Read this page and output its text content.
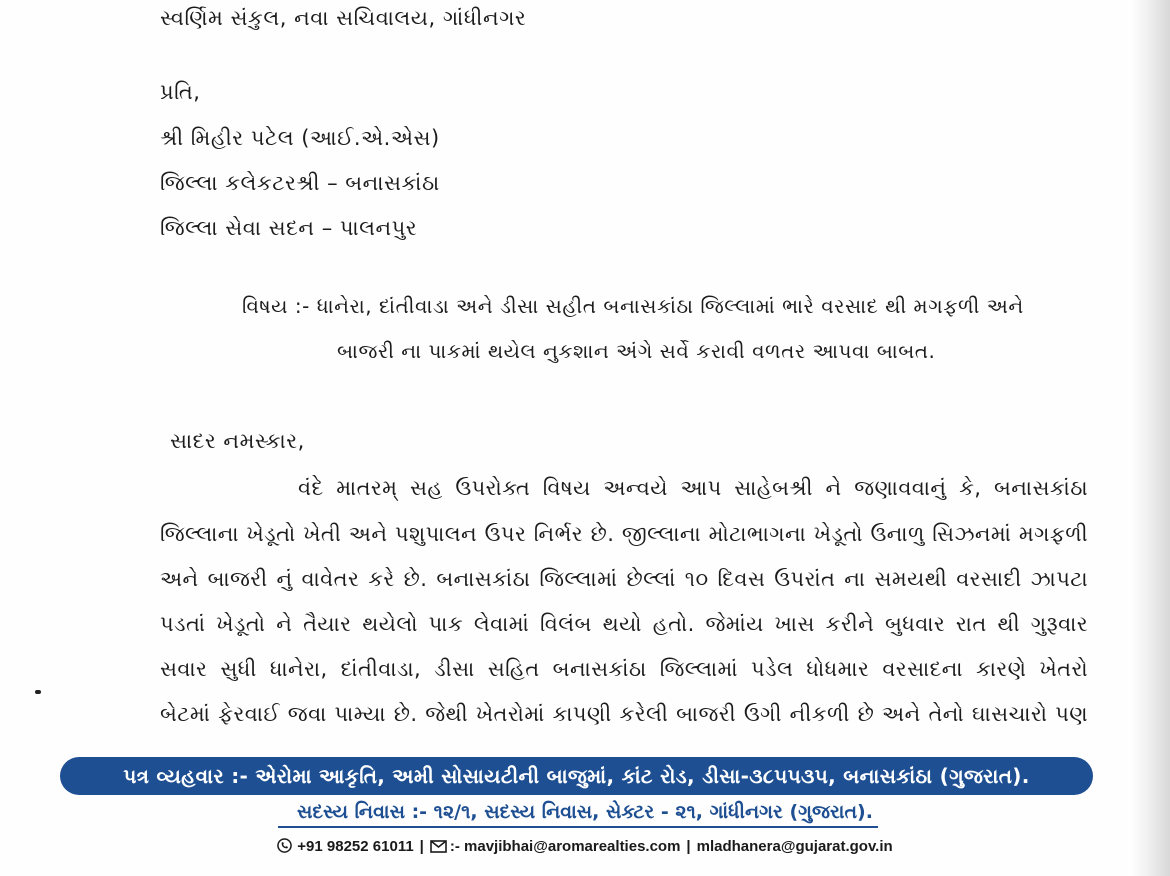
સ્વર્ણિમ સંકુલ, નવા સચિવાલય, ગાંધીનગર
પ્રતિ,
શ્રી મિહીર પટેલ (આઈ.એ.એસ)
જિલ્લા કલેકટરશ્રી – બનાસકાંઠા
જિલ્લા સેવા સદન – પાલનપુર
વિષય :- ધાનેરા, દાંતીવાડા અને ડીસા સહીત બનાસકાંઠા જિલ્લામાં ભારે વરસાદ થી મગફળી અને
બાજરી ના પાકમાં થયેલ નુકશાન અંગે સર્વે કરાવી વળતર આપવા બાબત.
સાદર નમસ્કાર,
વંદે માતરમ્ સહ ઉપરોક્ત વિષય અન્વયે આપ સાહેબશ્રી ને જણાવવાનું કે, બનાસકાંઠા
જિલ્લાના ખેડૂતો ખેતી અને પશુપાલન ઉપર નિર્ભર છે. જીલ્લાના મોટાભાગના ખેડૂતો ઉનાળુ સિઝનમાં મગફળી
અને બાજરી નું વાવેતર કરે છે. બનાસકાંઠા જિલ્લામાં છેલ્લાં ૧૦ દિવસ ઉપરાંત ના સમયથી વરસાદી ઝાપટા
પડતાં ખેડૂતો ને તૈયાર થયેલો પાક લેવામાં વિલંબ થયો હતો. જેમાંય ખાસ કરીને બુધવાર રાત થી ગુરૂવાર
સવાર સુધી ધાનેરા, દાંતીવાડા, ડીસા સહિત બનાસકાંઠા જિલ્લામાં પડેલ ધોધમાર વરસાદના કારણે ખેતરો
બેટમાં ફેરવાઈ જવા પામ્યા છે. જેથી ખેતરોમાં કાપણી કરેલી બાજરી ઉગી નીકળી છે અને તેનો ઘાસચારો પણ
પત્ર વ્યહવાર :- એરોમા આકૃતિ, અમી સોસાયટીની બાજુમાં, કાંટ રોડ, ડીસા-૩૮૫૫૩૫, બનાસકાંઠા (ગુજરાત).
સદસ્ય નિવાસ :- ૧૨/૧, સદસ્ય નિવાસ, સેક્ટર - ૨૧, ગાંધીનગર (ગુજરાત).
+91 98252 61011 | :- mavjibhai@aromarealties.com | mladhanera@gujarat.gov.in
